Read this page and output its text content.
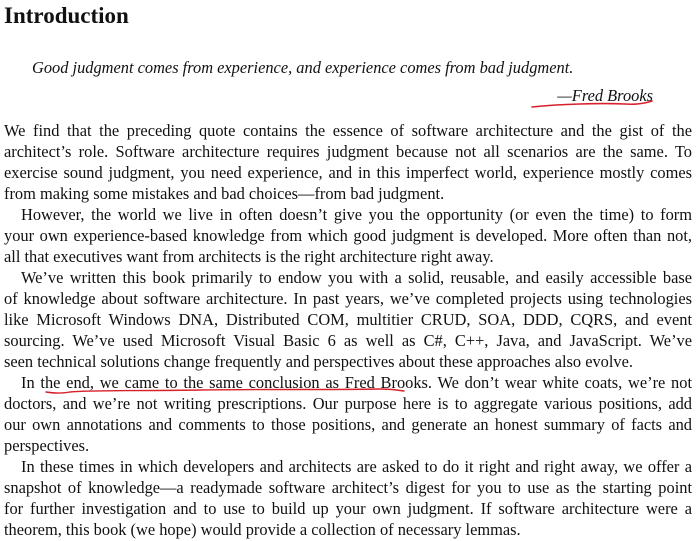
Introduction

Good judgment comes from experience, and experience comes from bad judgment.

—Fred Brooks

We find that the preceding quote contains the essence of software architecture and the gist of the
architect’s role. Software architecture requires judgment because not all scenarios are the same. To
exercise sound judgment, you need experience, and in this imperfect world, experience mostly comes
from making some mistakes and bad choices—from bad judgment.
However, the world we live in often doesn’t give you the opportunity (or even the time) to form
your own experience-based knowledge from which good judgment is developed. More often than not,
all that executives want from architects is the right architecture right away.
We’ve written this book primarily to endow you with a solid, reusable, and easily accessible base
of knowledge about software architecture. In past years, we’ve completed projects using technologies
like Microsoft Windows DNA, Distributed COM, multitier CRUD, SOA, DDD, CQRS, and event
sourcing. We’ve used Microsoft Visual Basic 6 as well as C#, C++, Java, and JavaScript. We’ve
seen technical solutions change frequently and perspectives about these approaches also evolve.
In the end, we came to the same conclusion as Fred Brooks. We don’t wear white coats, we’re not
doctors, and we’re not writing prescriptions. Our purpose here is to aggregate various positions, add
our own annotations and comments to those positions, and generate an honest summary of facts and
perspectives.
In these times in which developers and architects are asked to do it right and right away, we offer a
snapshot of knowledge—a readymade software architect’s digest for you to use as the starting point
for further investigation and to use to build up your own judgment. If software architecture were a
theorem, this book (we hope) would provide a collection of necessary lemmas.
